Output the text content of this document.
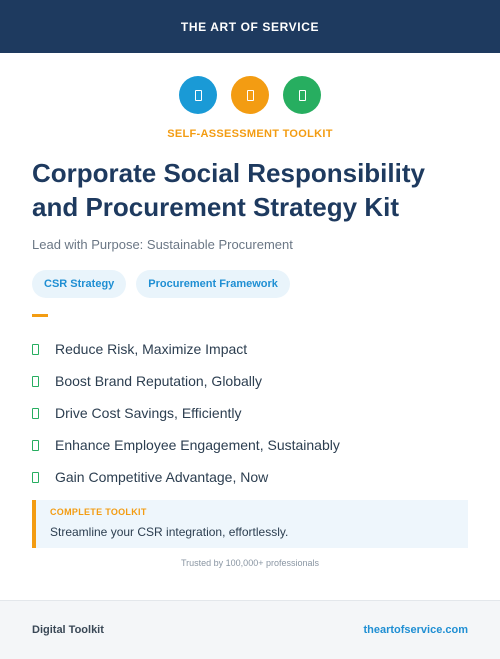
THE ART OF SERVICE
SELF-ASSESSMENT TOOLKIT
Corporate Social Responsibility and Procurement Strategy Kit
Lead with Purpose: Sustainable Procurement
CSR Strategy	Procurement Framework
Reduce Risk, Maximize Impact
Boost Brand Reputation, Globally
Drive Cost Savings, Efficiently
Enhance Employee Engagement, Sustainably
Gain Competitive Advantage, Now
COMPLETE TOOLKIT
Streamline your CSR integration, effortlessly.
Trusted by 100,000+ professionals
Digital Toolkit	theartofservice.com
